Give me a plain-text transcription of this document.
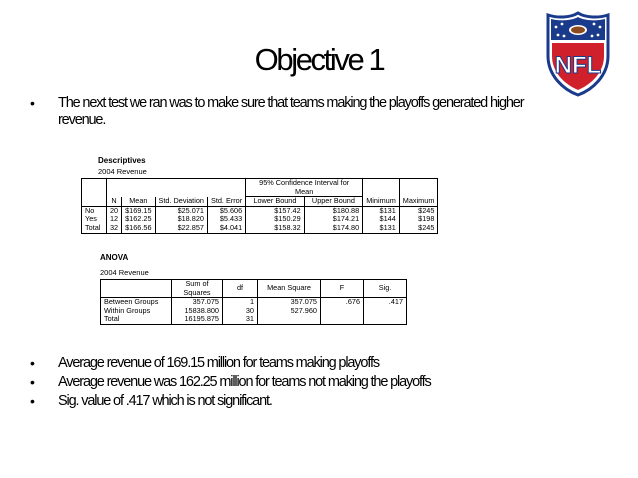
Objective 1
•	The next test we ran was to make sure that teams making the playoffs generated higher revenue.
NFL
Descriptives
2004 Revenue
					95% Confidence Interval for Mean			
	N	Mean	Std. Deviation	Std. Error	Lower Bound	Upper Bound	Minimum	Maximum
No	20	$169.15	$25.071	$5.606	$157.42	$180.88	$131	$245
Yes	12	$162.25	$18.820	$5.433	$150.29	$174.21	$144	$198
Total	32	$166.56	$22.857	$4.041	$158.32	$174.80	$131	$245
ANOVA
2004 Revenue
	Sum of Squares	df	Mean Square	F	Sig.
Between Groups	357.075	1	357.075	.676	.417
Within Groups	15838.800	30	527.960		
Total	16195.875	31			
•	Average revenue of 169.15 million for teams making playoffs
•	Average revenue was 162.25 million for teams not making the playoffs
•	Sig. value of .417 which is not significant.
